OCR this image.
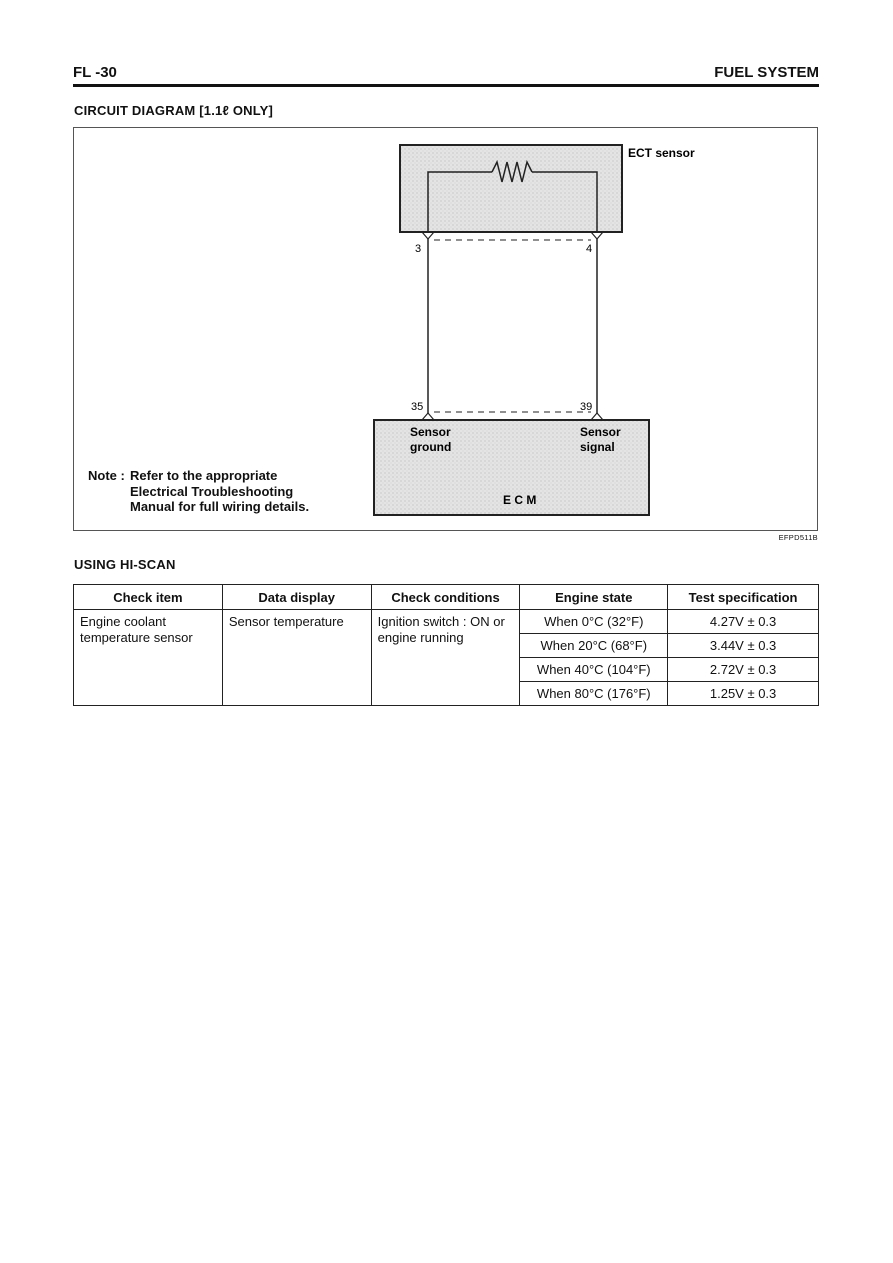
FL -30	FUEL SYSTEM
CIRCUIT DIAGRAM [1.1ℓ ONLY]
ECT sensor
3	4
35	39
Sensor
ground
Sensor
signal
E C M
Note : Refer to the appropriate
Electrical Troubleshooting
Manual for full wiring details.
EFPD511B
USING HI-SCAN
Check item	Data display	Check conditions	Engine state	Test specification
Engine coolant temperature sensor	Sensor temperature	Ignition switch : ON or engine running	When 0°C (32°F)	4.27V ± 0.3
			When 20°C (68°F)	3.44V ± 0.3
			When 40°C (104°F)	2.72V ± 0.3
			When 80°C (176°F)	1.25V ± 0.3
